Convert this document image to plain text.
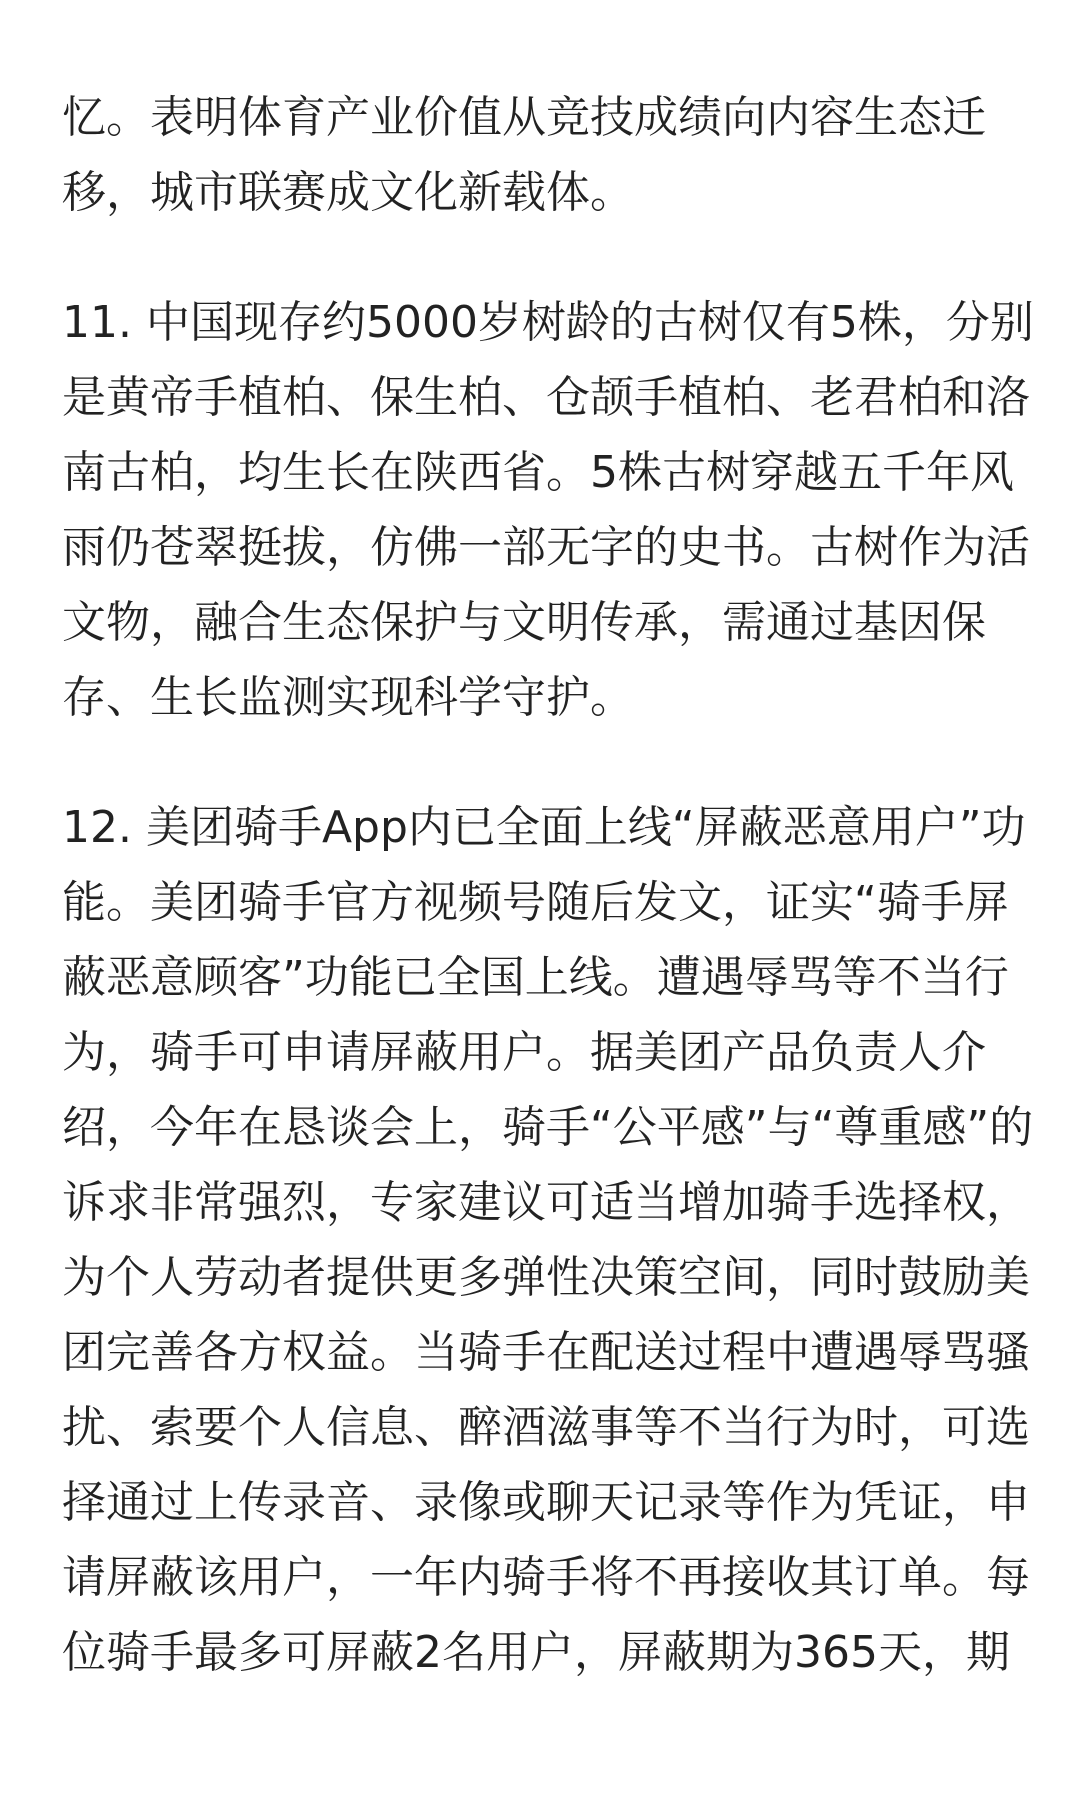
忆。表明体育产业价值从竞技成绩向内容生态迁
移，城市联赛成文化新载体。

11. 中国现存约5000岁树龄的古树仅有5株，分别
是黄帝手植柏、保生柏、仓颉手植柏、老君柏和洛
南古柏，均生长在陕西省。5株古树穿越五千年风
雨仍苍翠挺拔，仿佛一部无字的史书。古树作为活
文物，融合生态保护与文明传承，需通过基因保
存、生长监测实现科学守护。

12. 美团骑手App内已全面上线“屏蔽恶意用户”功
能。美团骑手官方视频号随后发文，证实“骑手屏
蔽恶意顾客”功能已全国上线。遭遇辱骂等不当行
为，骑手可申请屏蔽用户。据美团产品负责人介
绍，今年在恳谈会上，骑手“公平感”与“尊重感”的
诉求非常强烈，专家建议可适当增加骑手选择权，
为个人劳动者提供更多弹性决策空间，同时鼓励美
团完善各方权益。当骑手在配送过程中遭遇辱骂骚
扰、索要个人信息、醉酒滋事等不当行为时，可选
择通过上传录音、录像或聊天记录等作为凭证，申
请屏蔽该用户，一年内骑手将不再接收其订单。每
位骑手最多可屏蔽2名用户，屏蔽期为365天，期
